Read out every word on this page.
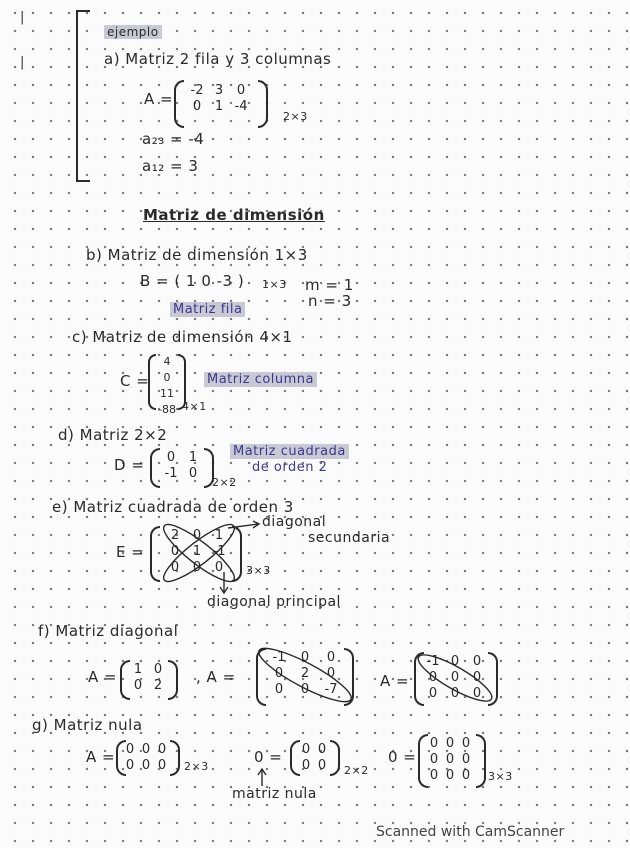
|
|
ejemplo
a) Matriz 2 fila y 3 columnas
A =	-2 3	0
0	1 -4
2×3
a₂₃ = -4
a₁₂ = 3
Matriz de dimensión
b) Matriz de dimensión 1×3
B = ( 1 0 -3 ) 1×3 m = 1
n = 3
Matriz fila
c) Matriz de dimensión 4×1
C =
4
0
11
-88 4×1
Matriz columna
d) Matriz 2×2
D =	0	1
-1 0
2×2
Matriz cuadrada
de orden 2
e) Matriz cuadrada de orden 3
E =
2	0	1
0	1 -1
0	0	0	3×3
diagonal
secundaria
diagonal principal
f) Matriz diagonal
A =	1 0
0 2	, A =
-1	0	0
0	2	0
0	0	-7	A =
-1 0	0
0	0	0
0	0	0
g) Matriz nula
A = 0 0 0
0 0 0	2×3
0 = 0 0
0 0	2×2
0 =
0 0 0
0 0 0
0 0 0	3×3
matriz nula
Scanned with CamScanner
